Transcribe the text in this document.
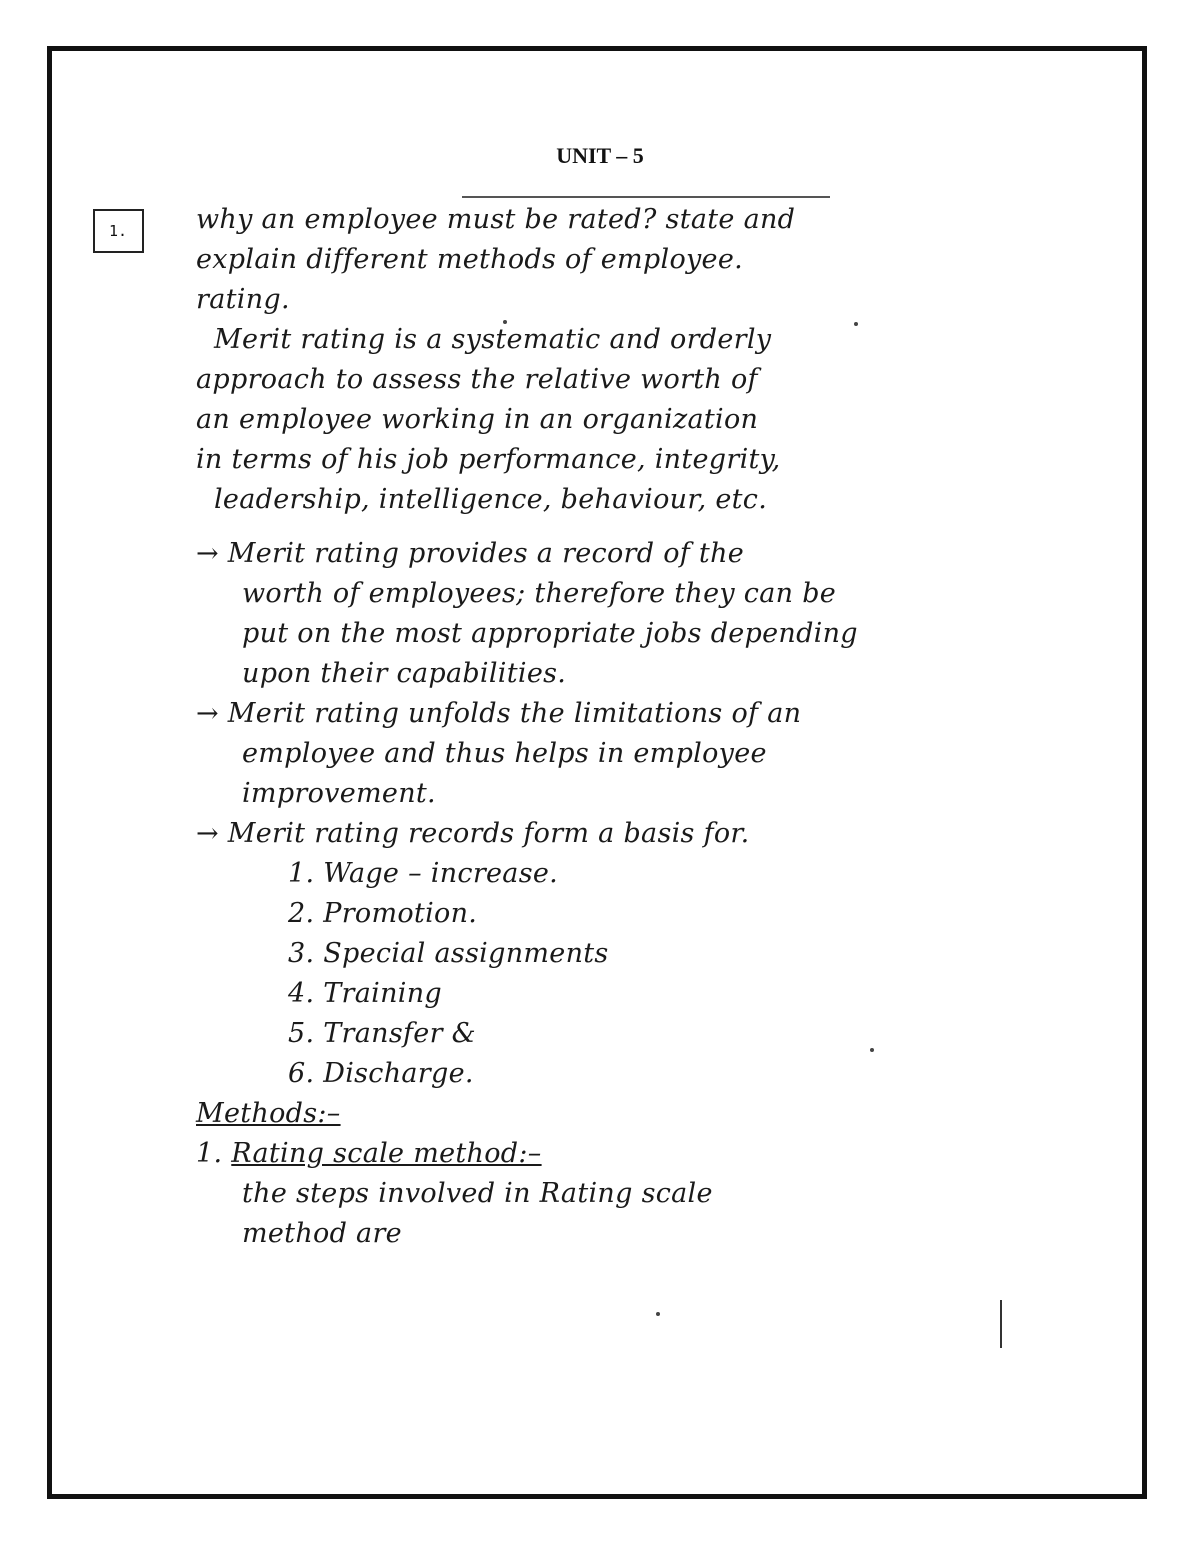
UNIT – 5
1.	why an employee must be rated? state and
explain different methods of employee.
rating.
Merit rating is a systematic and orderly
approach to assess the relative worth of
an employee working in an organization
in terms of his job performance, integrity,
leadership, intelligence, behaviour, etc.
→ Merit rating provides a record of the
worth of employees; therefore they can be
put on the most appropriate jobs depending
upon their capabilities.
→ Merit rating unfolds the limitations of an
employee and thus helps in employee
improvement.
→ Merit rating records form a basis for.
1. Wage – increase.
2. Promotion.
3. Special assignments
4. Training
5. Transfer &
6. Discharge.
Methods:–
1. Rating scale method:–
the steps involved in Rating scale
method are
